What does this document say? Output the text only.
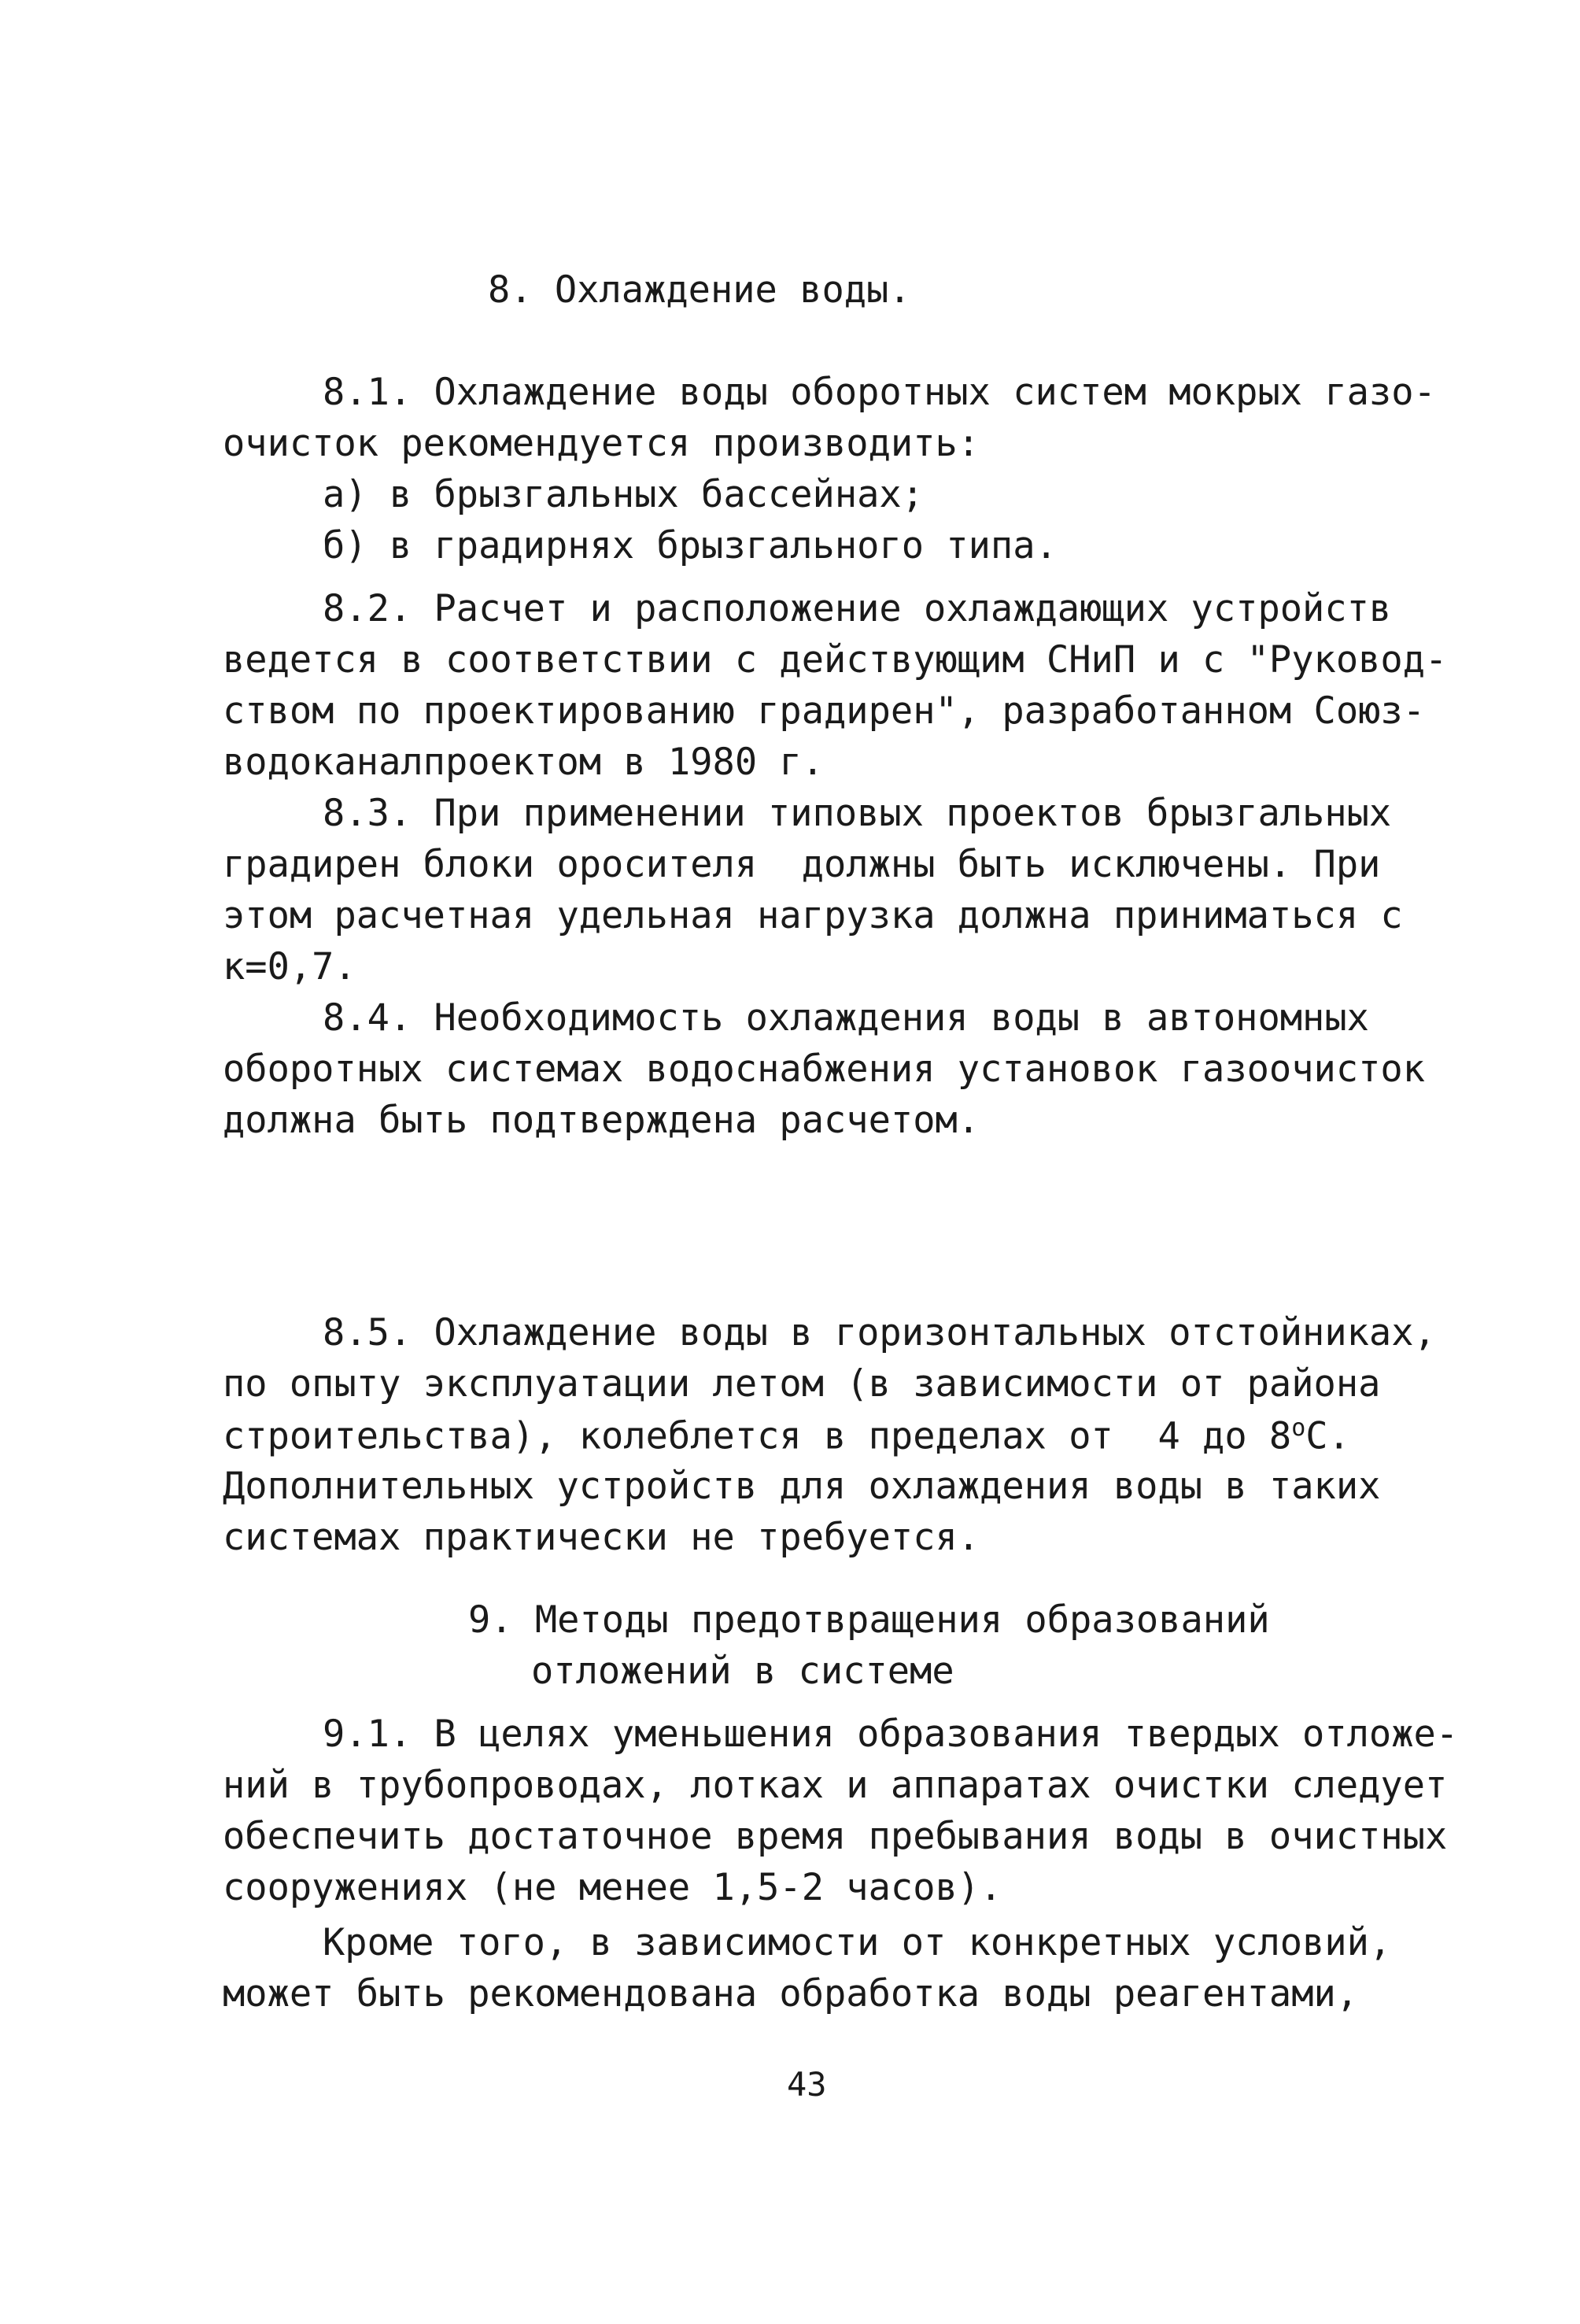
8. Охлаждение воды.
8.1. Охлаждение воды оборотных систем мокрых газо-
очисток рекомендуется производить:
а) в брызгальных бассейнах;
б) в градирнях брызгального типа.
8.2. Расчет и расположение охлаждающих устройств
ведется в соответствии с действующим СНиП и с "Руковод-
ством по проектированию градирен", разработанном Союз-
водоканалпроектом в 1980 г.
8.3. При применении типовых проектов брызгальных
градирен блоки оросителя  должны быть исключены. При
этом расчетная удельная нагрузка должна приниматься с
к=0,7.
8.4. Необходимость охлаждения воды в автономных
оборотных системах водоснабжения установок газоочисток
должна быть подтверждена расчетом.
8.5. Охлаждение воды в горизонтальных отстойниках,
по опыту эксплуатации летом (в зависимости от района
строительства), колеблется в пределах от  4 до $8^оС$.
Дополнительных устройств для охлаждения воды в таких
системах практически не требуется.
9. Методы предотвращения образований
отложений в системе
9.1. В целях уменьшения образования твердых отложе-
ний в трубопроводах, лотках и аппаратах очистки следует
обеспечить достаточное время пребывания воды в очистных
сооружениях (не менее 1,5-2 часов).
Кроме того, в зависимости от конкретных условий,
может быть рекомендована обработка воды реагентами,
43
